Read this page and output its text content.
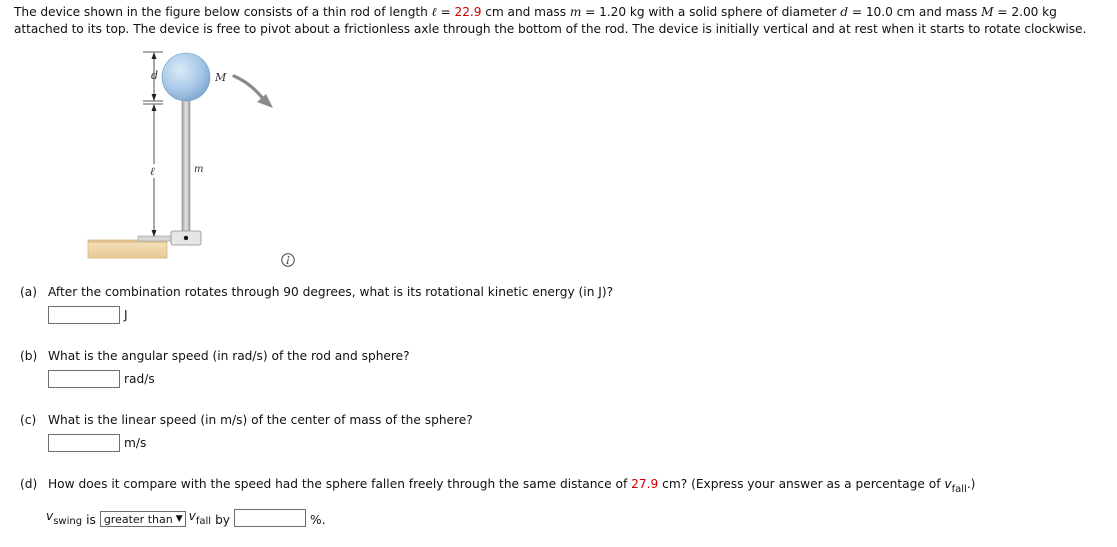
The device shown in the figure below consists of a thin rod of length ℓ = 22.9 cm and mass m = 1.20 kg with a solid sphere of diameter d = 10.0 cm and mass M = 2.00 kg attached to its top. The device is free to pivot about a frictionless axle through the bottom of the rod. The device is initially vertical and at rest when it starts to rotate clockwise.
d
ℓ
M
m
(a) After the combination rotates through 90 degrees, what is its rotational kinetic energy (in J)?
J
(b) What is the angular speed (in rad/s) of the rod and sphere?
rad/s
(c) What is the linear speed (in m/s) of the center of mass of the sphere?
m/s
(d) How does it compare with the speed had the sphere fallen freely through the same distance of 27.9 cm? (Express your answer as a percentage of $v_{fall}$.)
$v_{swing}$ is greater than ▼ $v_{fall}$ by	%.
